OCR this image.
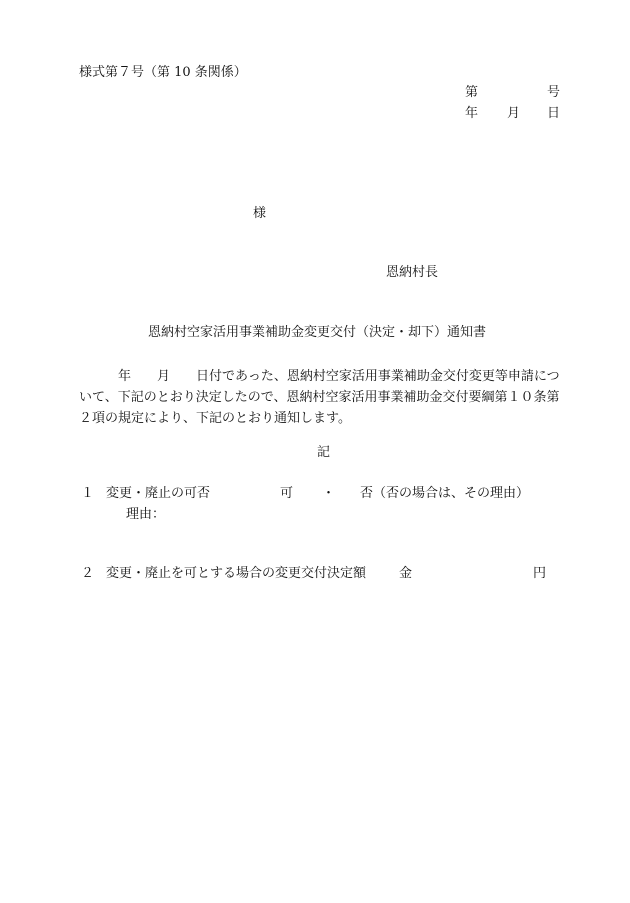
様式第７号（第 10 条関係）
第	号
年 月 日
様
恩納村長
恩納村空家活用事業補助金変更交付（決定・却下）通知書
　　　年　　月　　日付であった、恩納村空家活用事業補助金交付変更等申請につ
いて、下記のとおり決定したので、恩納村空家活用事業補助金交付要綱第１０条第
２項の規定により、下記のとおり通知します。
記
１ 変更・廃止の可否	可 ・ 否（否の場合は、その理由）
理由：
２ 変更・廃止を可とする場合の変更交付決定額	金	円
